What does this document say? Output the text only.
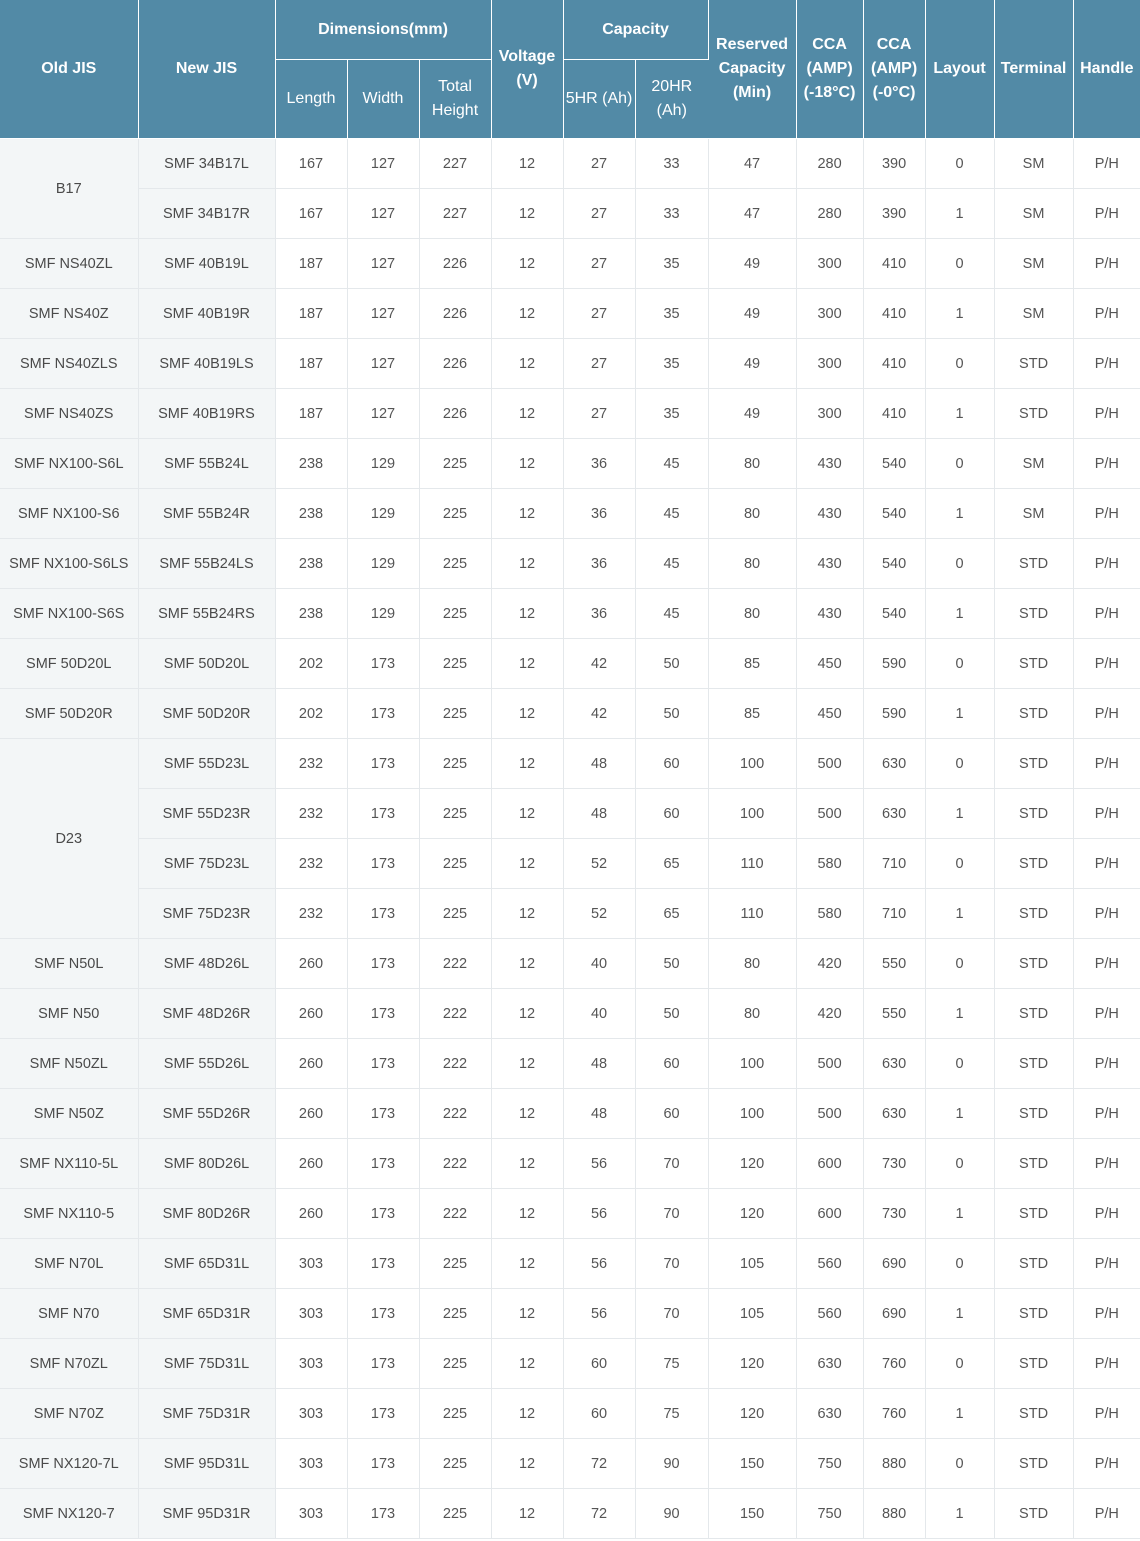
Old JIS	New JIS	Dimensions(mm)			Voltage (V)	Capacity		Reserved Capacity (Min)	CCA (AMP) (-18°C)	CCA (AMP) (-0°C)	Layout	Terminal	Handle
		Length	Width	Total Height		5HR (Ah)	20HR (Ah)						
B17	SMF 34B17L	167	127	227	12	27	33	47	280	390	0	SM	P/H
	SMF 34B17R	167	127	227	12	27	33	47	280	390	1	SM	P/H
SMF NS40ZL	SMF 40B19L	187	127	226	12	27	35	49	300	410	0	SM	P/H
SMF NS40Z	SMF 40B19R	187	127	226	12	27	35	49	300	410	1	SM	P/H
SMF NS40ZLS	SMF 40B19LS	187	127	226	12	27	35	49	300	410	0	STD	P/H
SMF NS40ZS	SMF 40B19RS	187	127	226	12	27	35	49	300	410	1	STD	P/H
SMF NX100-S6L	SMF 55B24L	238	129	225	12	36	45	80	430	540	0	SM	P/H
SMF NX100-S6	SMF 55B24R	238	129	225	12	36	45	80	430	540	1	SM	P/H
SMF NX100-S6LS	SMF 55B24LS	238	129	225	12	36	45	80	430	540	0	STD	P/H
SMF NX100-S6S	SMF 55B24RS	238	129	225	12	36	45	80	430	540	1	STD	P/H
SMF 50D20L	SMF 50D20L	202	173	225	12	42	50	85	450	590	0	STD	P/H
SMF 50D20R	SMF 50D20R	202	173	225	12	42	50	85	450	590	1	STD	P/H
D23	SMF 55D23L	232	173	225	12	48	60	100	500	630	0	STD	P/H
	SMF 55D23R	232	173	225	12	48	60	100	500	630	1	STD	P/H
	SMF 75D23L	232	173	225	12	52	65	110	580	710	0	STD	P/H
	SMF 75D23R	232	173	225	12	52	65	110	580	710	1	STD	P/H
SMF N50L	SMF 48D26L	260	173	222	12	40	50	80	420	550	0	STD	P/H
SMF N50	SMF 48D26R	260	173	222	12	40	50	80	420	550	1	STD	P/H
SMF N50ZL	SMF 55D26L	260	173	222	12	48	60	100	500	630	0	STD	P/H
SMF N50Z	SMF 55D26R	260	173	222	12	48	60	100	500	630	1	STD	P/H
SMF NX110-5L	SMF 80D26L	260	173	222	12	56	70	120	600	730	0	STD	P/H
SMF NX110-5	SMF 80D26R	260	173	222	12	56	70	120	600	730	1	STD	P/H
SMF N70L	SMF 65D31L	303	173	225	12	56	70	105	560	690	0	STD	P/H
SMF N70	SMF 65D31R	303	173	225	12	56	70	105	560	690	1	STD	P/H
SMF N70ZL	SMF 75D31L	303	173	225	12	60	75	120	630	760	0	STD	P/H
SMF N70Z	SMF 75D31R	303	173	225	12	60	75	120	630	760	1	STD	P/H
SMF NX120-7L	SMF 95D31L	303	173	225	12	72	90	150	750	880	0	STD	P/H
SMF NX120-7	SMF 95D31R	303	173	225	12	72	90	150	750	880	1	STD	P/H
